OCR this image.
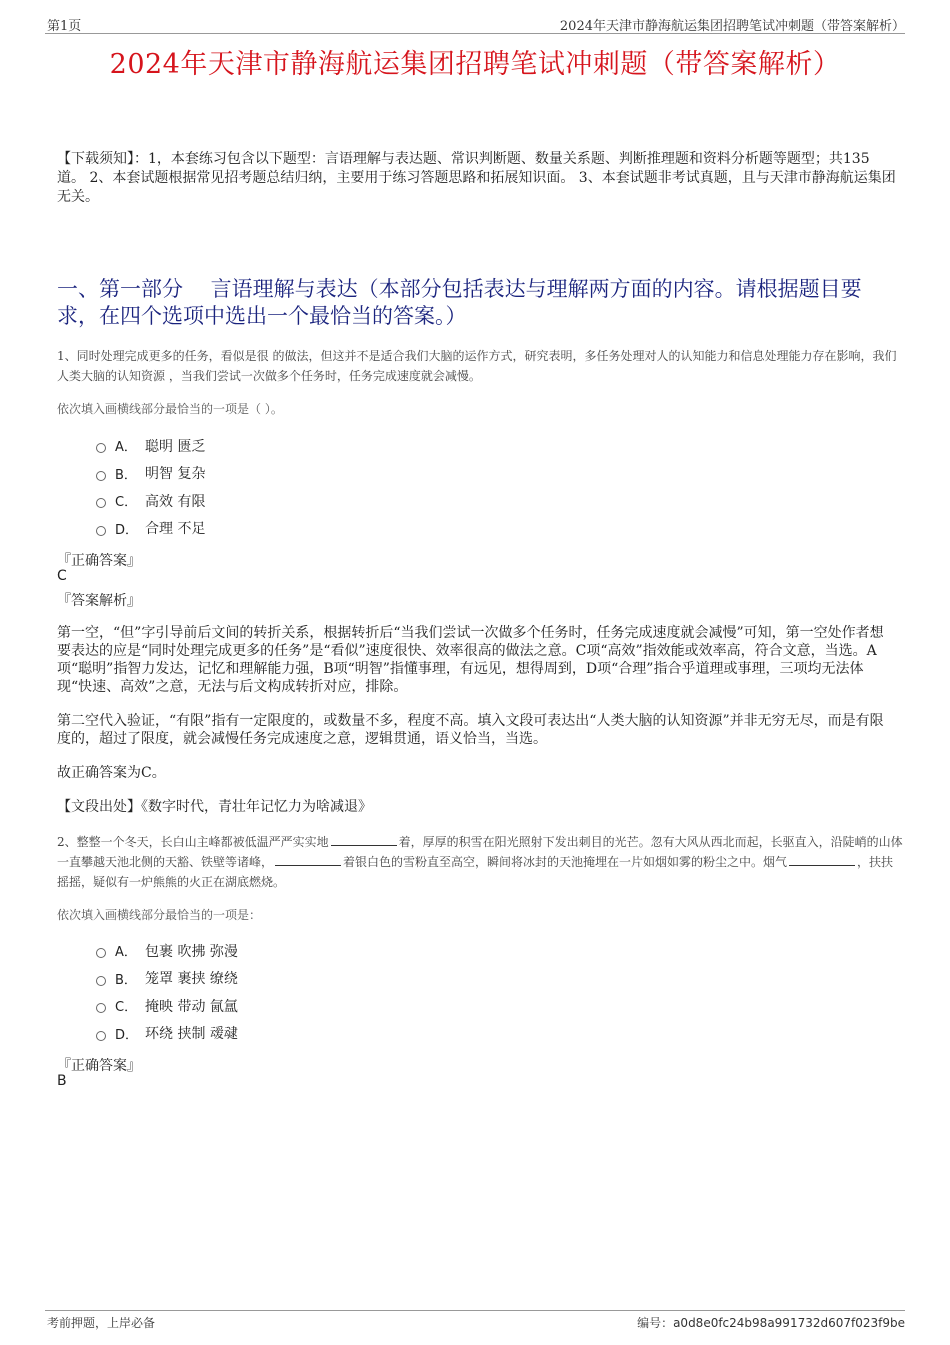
第1页	2024年天津市静海航运集团招聘笔试冲刺题（带答案解析）
2024年天津市静海航运集团招聘笔试冲刺题（带答案解析）
【下载须知】：1，本套练习包含以下题型：言语理解与表达题、常识判断题、数量关系题、判断推理题和资料分析题等题型；共135道。 2、本套试题根据常见招考题总结归纳，主要用于练习答题思路和拓展知识面。 3、本套试题非考试真题，且与天津市静海航运集团无关。
一、第一部分　 言语理解与表达（本部分包括表达与理解两方面的内容。请根据题目要求，在四个选项中选出一个最恰当的答案。）
1、同时处理完成更多的任务，看似是很 的做法，但这并不是适合我们大脑的运作方式，研究表明，多任务处理对人的认知能力和信息处理能力存在影响，我们人类大脑的认知资源 ，当我们尝试一次做多个任务时，任务完成速度就会减慢。
依次填入画横线部分最恰当的一项是（ ）。
A． 聪明 匮乏
B． 明智 复杂
C． 高效 有限
D． 合理 不足
『正确答案』
C
『答案解析』
第一空，“但”字引导前后文间的转折关系，根据转折后“当我们尝试一次做多个任务时，任务完成速度就会减慢”可知，第一空处作者想要表达的应是“同时处理完成更多的任务”是“看似”速度很快、效率很高的做法之意。C项“高效”指效能或效率高，符合文意，当选。A项“聪明”指智力发达，记忆和理解能力强，B项“明智”指懂事理，有远见，想得周到，D项“合理”指合乎道理或事理，三项均无法体现“快速、高效”之意，无法与后文构成转折对应，排除。
第二空代入验证，“有限”指有一定限度的，或数量不多，程度不高。填入文段可表达出“人类大脑的认知资源”并非无穷无尽，而是有限度的，超过了限度，就会减慢任务完成速度之意，逻辑贯通，语义恰当，当选。
故正确答案为C。
【文段出处】《数字时代，青壮年记忆力为啥减退》
2、整整一个冬天，长白山主峰都被低温严严实实地	着，厚厚的积雪在阳光照射下发出刺目的光芒。忽有大风从西北而起，长驱直入，沿陡峭的山体一直攀越天池北侧的天豁、铁壁等诸峰，	着银白色的雪粉直至高空，瞬间将冰封的天池掩埋在一片如烟如雾的粉尘之中。烟气	，扶扶摇摇，疑似有一炉熊熊的火正在湖底燃烧。
依次填入画横线部分最恰当的一项是：
A． 包裹 吹拂 弥漫
B． 笼罩 裹挟 缭绕
C． 掩映 带动 氤氲
D． 环绕 挟制 叆叇
『正确答案』
B
考前押题，上岸必备	编号：a0d8e0fc24b98a991732d607f023f9be
